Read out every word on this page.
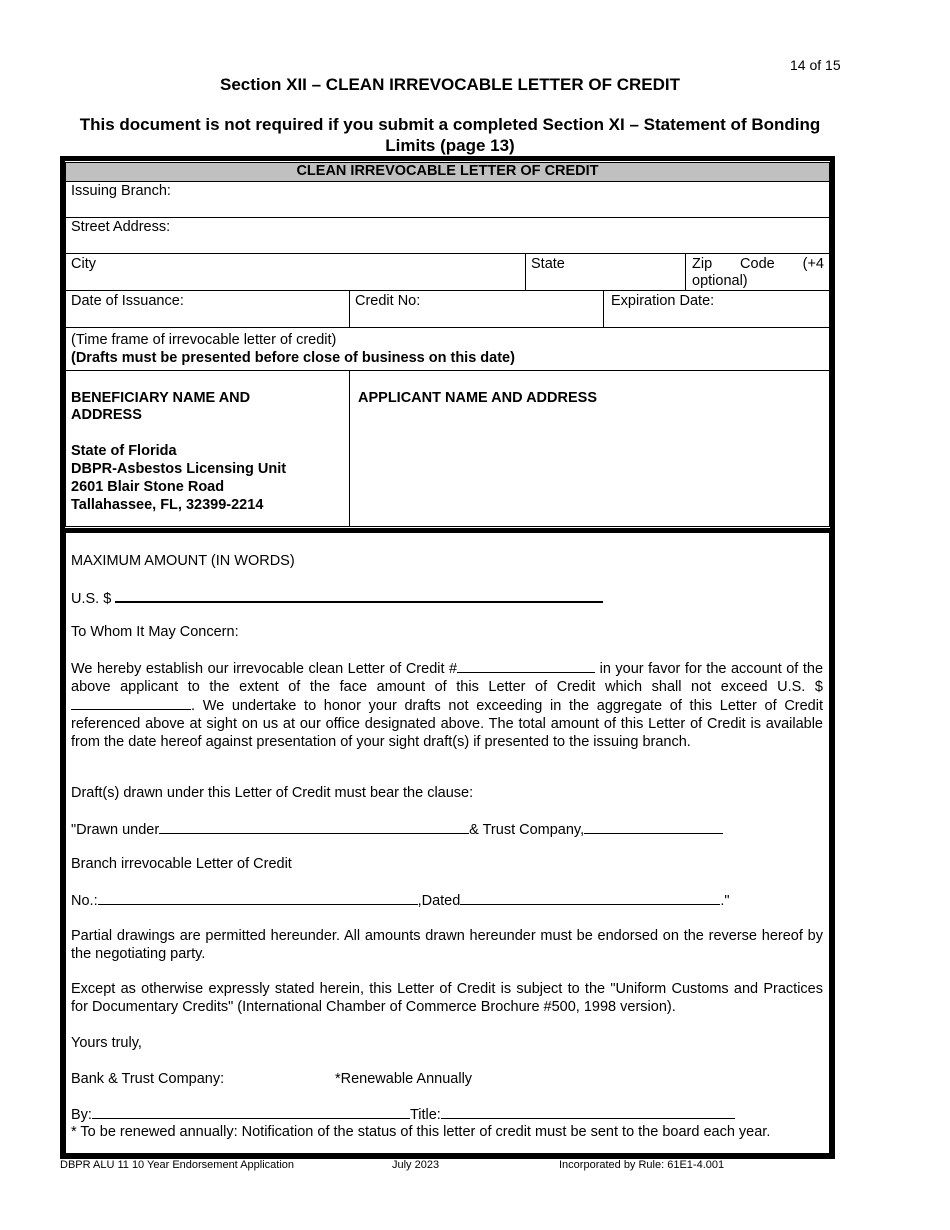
14 of 15
Section XII – CLEAN IRREVOCABLE LETTER OF CREDIT
This document is not required if you submit a completed Section XI – Statement of Bonding Limits (page 13)
CLEAN IRREVOCABLE LETTER OF CREDIT
Issuing Branch:
Street Address:
City	State	Zip Code (+4
optional)
Date of Issuance:	Credit No:	Expiration Date:
(Time frame of irrevocable letter of credit)
(Drafts must be presented before close of business on this date)
BENEFICIARY NAME AND
ADDRESS
State of Florida
DBPR-Asbestos Licensing Unit
2601 Blair Stone Road
Tallahassee, FL, 32399-2214
APPLICANT NAME AND ADDRESS
MAXIMUM AMOUNT (IN WORDS)
U.S. $
To Whom It May Concern:
We hereby establish our irrevocable clean Letter of Credit #	in your favor for the account of the above applicant to the extent of the face amount of this Letter of Credit which shall not exceed U.S. $. We undertake to honor your drafts not exceeding in the aggregate of this Letter of Credit referenced above at sight on us at our office designated above. The total amount of this Letter of Credit is available from the date hereof against presentation of your sight draft(s) if presented to the issuing branch.
Draft(s) drawn under this Letter of Credit must bear the clause:
"Drawn under	& Trust Company,
Branch irrevocable Letter of Credit
No.:	,Dated	."
Partial drawings are permitted hereunder. All amounts drawn hereunder must be endorsed on the reverse hereof by the negotiating party.
Except as otherwise expressly stated herein, this Letter of Credit is subject to the "Uniform Customs and Practices for Documentary Credits" (International Chamber of Commerce Brochure #500, 1998 version).
Yours truly,
Bank & Trust Company:	*Renewable Annually
By:	Title:
* To be renewed annually: Notification of the status of this letter of credit must be sent to the board each year.
DBPR ALU 11 10 Year Endorsement Application	July 2023	Incorporated by Rule: 61E1-4.001
